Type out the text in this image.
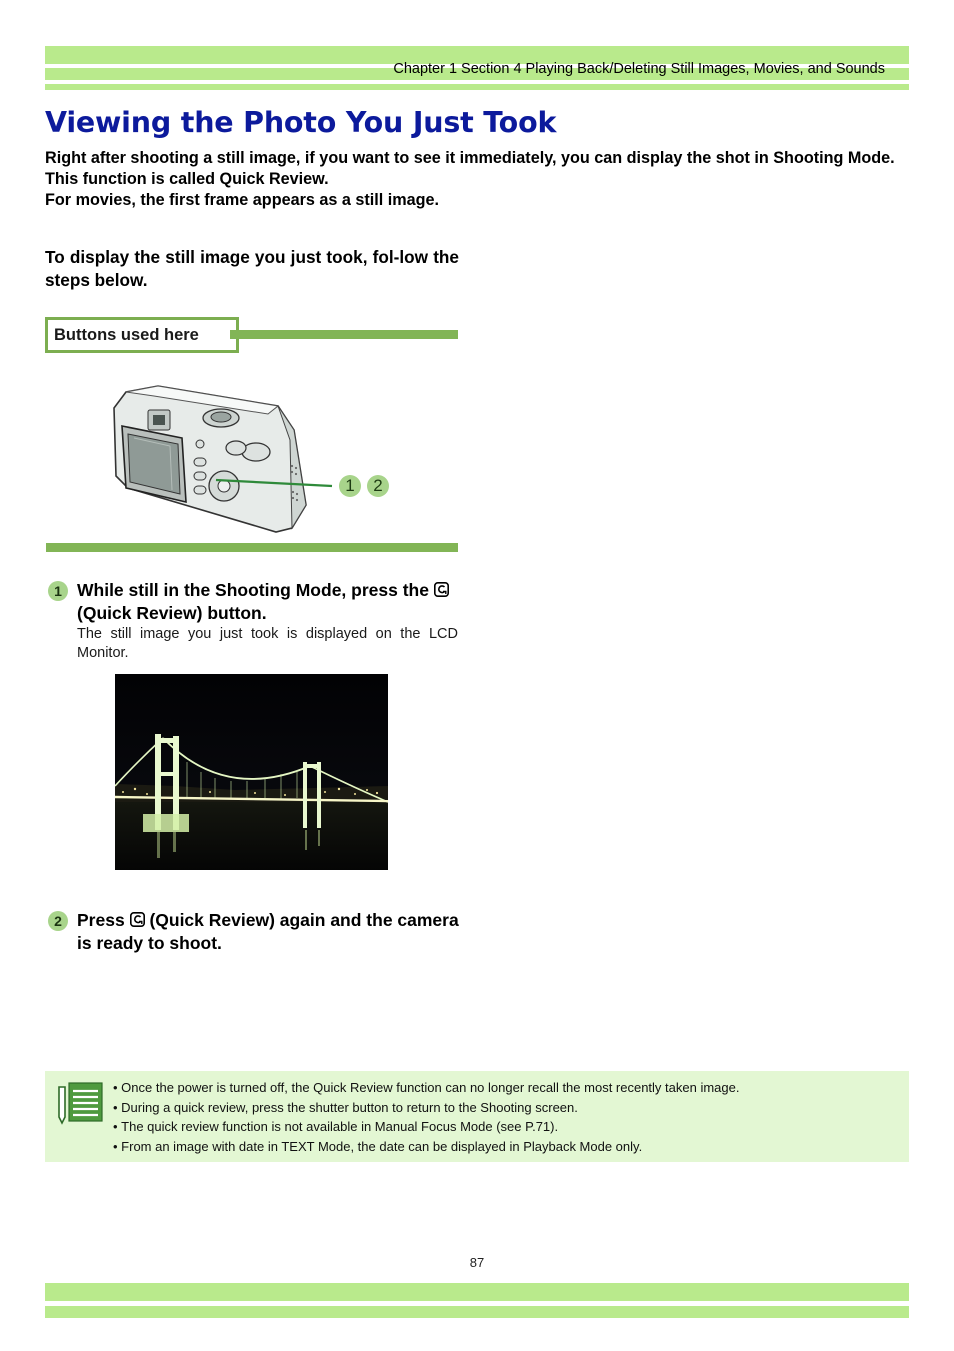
Chapter 1 Section 4 Playing Back/Deleting Still Images, Movies, and Sounds
Viewing the Photo You Just Took
Right after shooting a still image, if you want to see it immediately, you can display the shot in Shooting Mode. This function is called Quick Review.
For movies, the first frame appears as a still image.

To display the still image you just took, fol-low the steps below.

Buttons used here
1	2
1 While still in the Shooting Mode, press the  (Quick Review) button.

The still image you just took is displayed on the LCD Monitor.

2 Press (Quick Review) again and the camera is ready to shoot.

• Once the power is turned off, the Quick Review function can no longer recall the most recently taken image.
• During a quick review, press the shutter button to return to the Shooting screen.
• The quick review function is not available in Manual Focus Mode (see P.71).
• From an image with date in TEXT Mode, the date can be displayed in Playback Mode only.
87
